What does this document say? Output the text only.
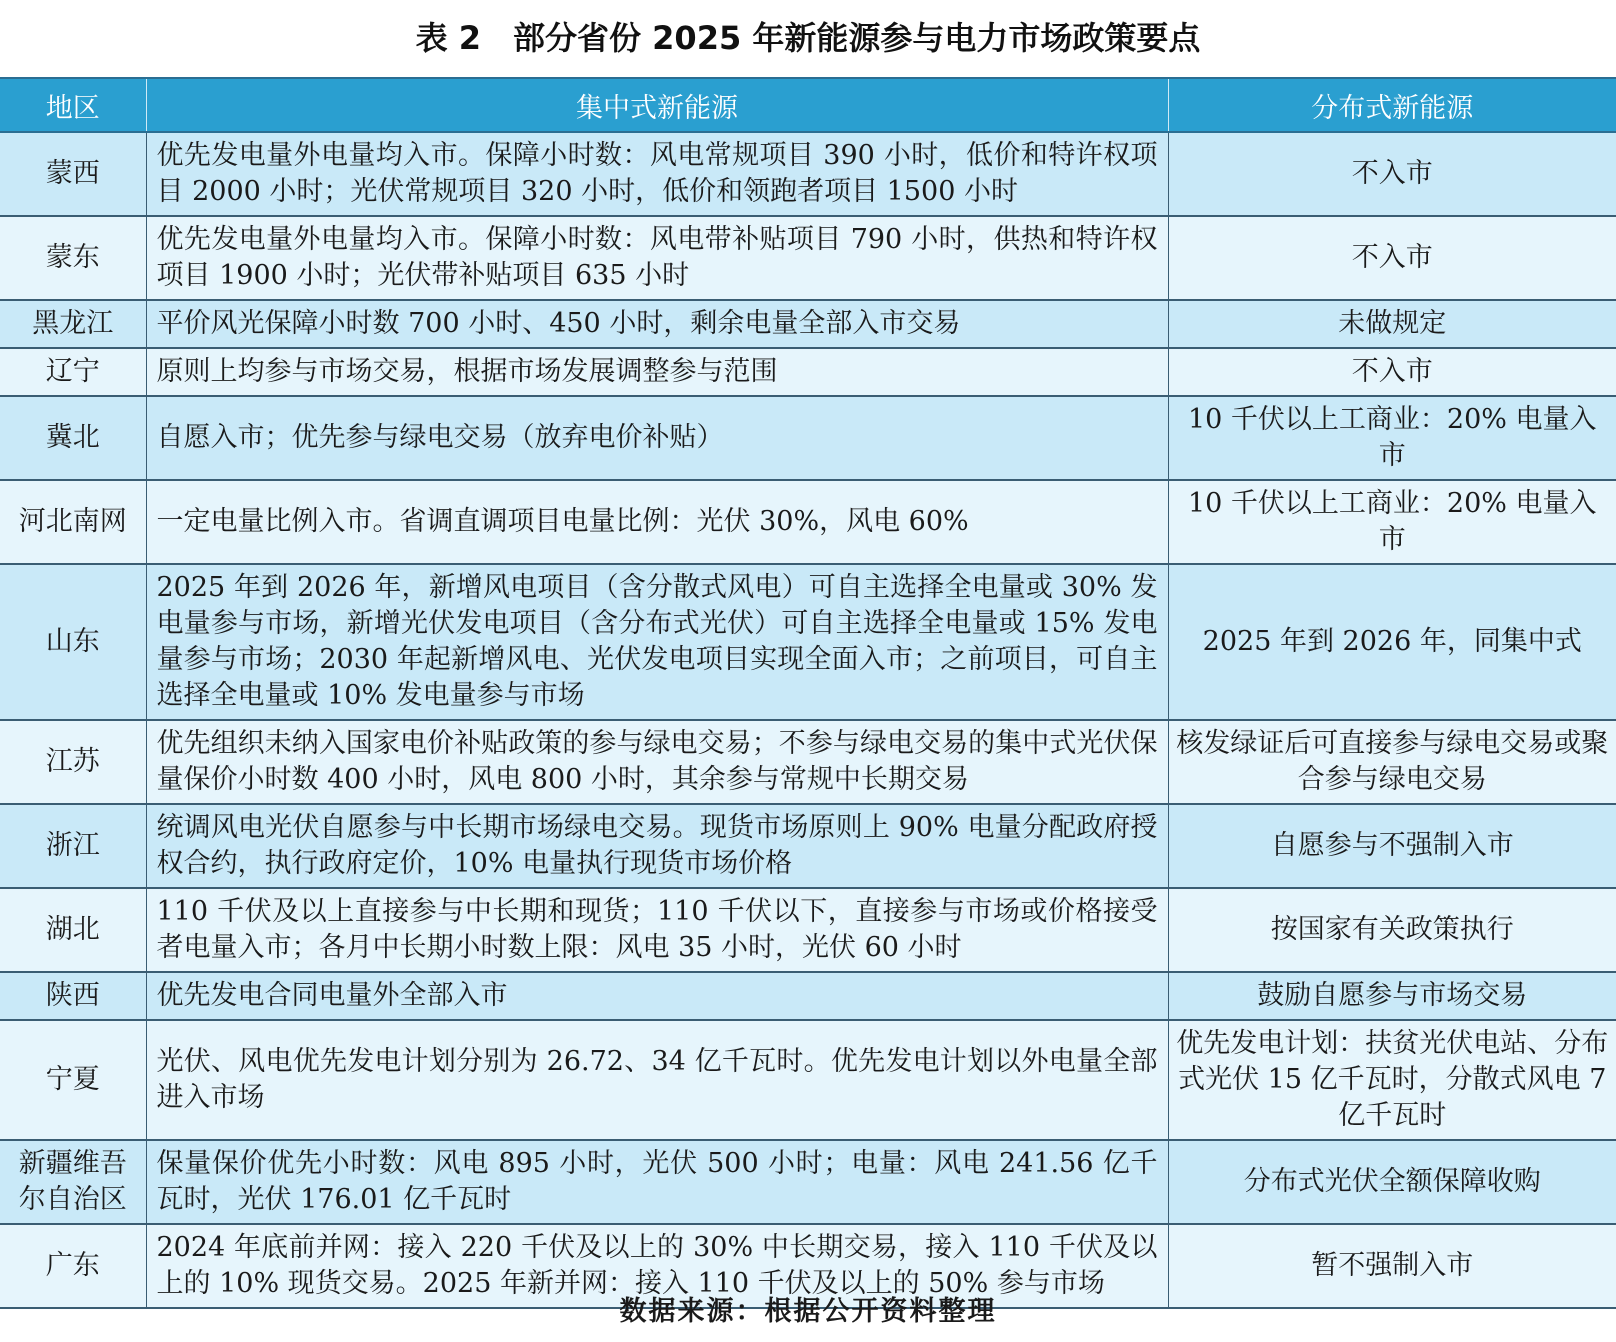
表 2　部分省份 2025 年新能源参与电力市场政策要点
地区	集中式新能源	分布式新能源
蒙西	优先发电量外电量均入市。保障小时数：风电常规项目 390 小时，低价和特许权项目 2000 小时；光伏常规项目 320 小时，低价和领跑者项目 1500 小时	不入市
蒙东	优先发电量外电量均入市。保障小时数：风电带补贴项目 790 小时，供热和特许权项目 1900 小时；光伏带补贴项目 635 小时	不入市
黑龙江	平价风光保障小时数 700 小时、450 小时，剩余电量全部入市交易	未做规定
辽宁	原则上均参与市场交易，根据市场发展调整参与范围	不入市
冀北	自愿入市；优先参与绿电交易（放弃电价补贴）	10 千伏以上工商业：20% 电量入市
河北南网	一定电量比例入市。省调直调项目电量比例：光伏 30%，风电 60%	10 千伏以上工商业：20% 电量入市
山东	2025 年到 2026 年，新增风电项目（含分散式风电）可自主选择全电量或 30% 发电量参与市场，新增光伏发电项目（含分布式光伏）可自主选择全电量或 15% 发电量参与市场；2030 年起新增风电、光伏发电项目实现全面入市；之前项目，可自主选择全电量或 10% 发电量参与市场	2025 年到 2026 年，同集中式
江苏	优先组织未纳入国家电价补贴政策的参与绿电交易；不参与绿电交易的集中式光伏保量保价小时数 400 小时，风电 800 小时，其余参与常规中长期交易	核发绿证后可直接参与绿电交易或聚合参与绿电交易
浙江	统调风电光伏自愿参与中长期市场绿电交易。现货市场原则上 90% 电量分配政府授权合约，执行政府定价，10% 电量执行现货市场价格	自愿参与不强制入市
湖北	110 千伏及以上直接参与中长期和现货；110 千伏以下，直接参与市场或价格接受者电量入市；各月中长期小时数上限：风电 35 小时，光伏 60 小时	按国家有关政策执行
陕西	优先发电合同电量外全部入市	鼓励自愿参与市场交易
宁夏	光伏、风电优先发电计划分别为 26.72、34 亿千瓦时。优先发电计划以外电量全部进入市场	优先发电计划：扶贫光伏电站、分布式光伏 15 亿千瓦时，分散式风电 7 亿千瓦时
新疆维吾尔自治区	保量保价优先小时数：风电 895 小时，光伏 500 小时；电量：风电 241.56 亿千瓦时，光伏 176.01 亿千瓦时	分布式光伏全额保障收购
广东	2024 年底前并网：接入 220 千伏及以上的 30% 中长期交易，接入 110 千伏及以上的 10% 现货交易。2025 年新并网：接入 110 千伏及以上的 50% 参与市场	暂不强制入市
数据来源：根据公开资料整理
